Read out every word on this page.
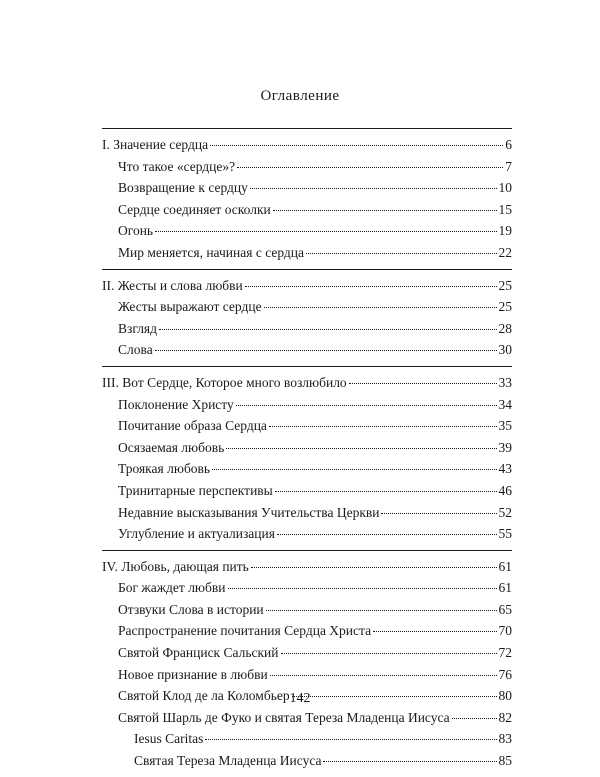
Оглавление
I. Значение сердца	6
Что такое «сердце»?	7
Возвращение к сердцу	10
Сердце соединяет осколки	15
Огонь	19
Мир меняется, начиная с сердца	22
II. Жесты и слова любви	25
Жесты выражают сердце	25
Взгляд	28
Слова	30
III. Вот Сердце, Которое много возлюбило	33
Поклонение Христу	34
Почитание образа Сердца	35
Осязаемая любовь	39
Троякая любовь	43
Тринитарные перспективы	46
Недавние высказывания Учительства Церкви	52
Углубление и актуализация	55
IV. Любовь, дающая пить	61
Бог жаждет любви	61
Отзвуки Слова в истории	65
Распространение почитания Сердца Христа	70
Святой Франциск Сальский	72
Новое признание в любви	76
Святой Клод де ла Коломбьер	80
Святой Шарль де Фуко и святая Тереза Младенца Иисуса	82
Iesus Caritas	83
Святая Тереза Младенца Иисуса	85
142
